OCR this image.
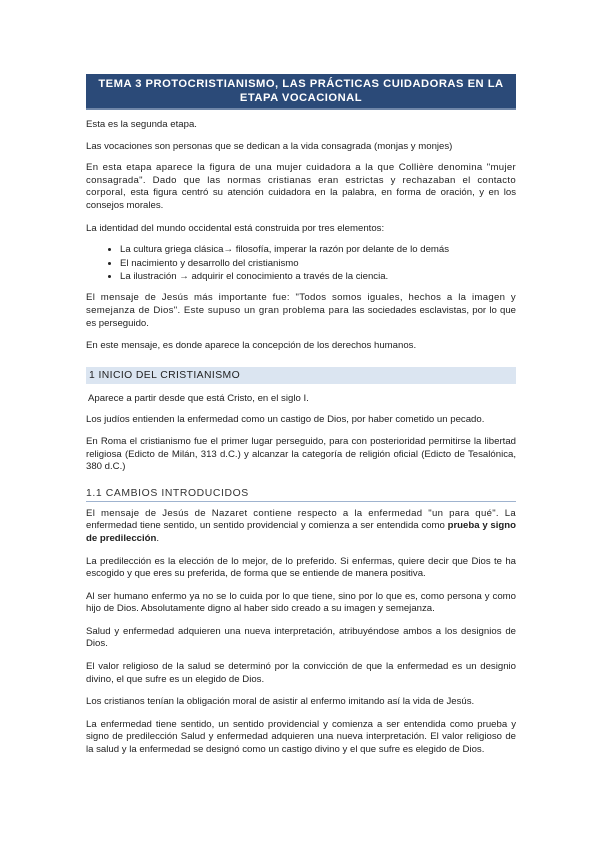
TEMA 3 PROTOCRISTIANISMO, LAS PRÁCTICAS CUIDADORAS EN LA ETAPA VOCACIONAL

Esta es la segunda etapa.

Las vocaciones son personas que se dedican a la vida consagrada (monjas y monjes)

En esta etapa aparece la figura de una mujer cuidadora a la que Collière denomina "mujer consagrada". Dado que las normas cristianas eran estrictas y rechazaban el contacto corporal, esta figura centró su atención cuidadora en la palabra, en forma de oración, y en los consejos morales.

La identidad del mundo occidental está construida por tres elementos:

• La cultura griega clásica→ filosofía, imperar la razón por delante de lo demás
• El nacimiento y desarrollo del cristianismo
• La ilustración → adquirir el conocimiento a través de la ciencia.

El mensaje de Jesús más importante fue: "Todos somos iguales, hechos a la imagen y semejanza de Dios". Este supuso un gran problema para las sociedades esclavistas, por lo que es perseguido.

En este mensaje, es donde aparece la concepción de los derechos humanos.

1 INICIO DEL CRISTIANISMO

Aparece a partir desde que está Cristo, en el siglo I.

Los judíos entienden la enfermedad como un castigo de Dios, por haber cometido un pecado.

En Roma el cristianismo fue el primer lugar perseguido, para con posterioridad permitirse la libertad religiosa (Edicto de Milán, 313 d.C.) y alcanzar la categoría de religión oficial (Edicto de Tesalónica, 380 d.C.)

1.1 CAMBIOS INTRODUCIDOS

El mensaje de Jesús de Nazaret contiene respecto a la enfermedad "un para qué". La enfermedad tiene sentido, un sentido providencial y comienza a ser entendida como prueba y signo de predilección.

La predilección es la elección de lo mejor, de lo preferido. Si enfermas, quiere decir que Dios te ha escogido y que eres su preferida, de forma que se entiende de manera positiva.

Al ser humano enfermo ya no se lo cuida por lo que tiene, sino por lo que es, como persona y como hijo de Dios. Absolutamente digno al haber sido creado a su imagen y semejanza.

Salud y enfermedad adquieren una nueva interpretación, atribuyéndose ambos a los designios de Dios.

El valor religioso de la salud se determinó por la convicción de que la enfermedad es un designio divino, el que sufre es un elegido de Dios.

Los cristianos tenían la obligación moral de asistir al enfermo imitando así la vida de Jesús.

La enfermedad tiene sentido, un sentido providencial y comienza a ser entendida como prueba y signo de predilección Salud y enfermedad adquieren una nueva interpretación. El valor religioso de la salud y la enfermedad se designó como un castigo divino y el que sufre es elegido de Dios.
